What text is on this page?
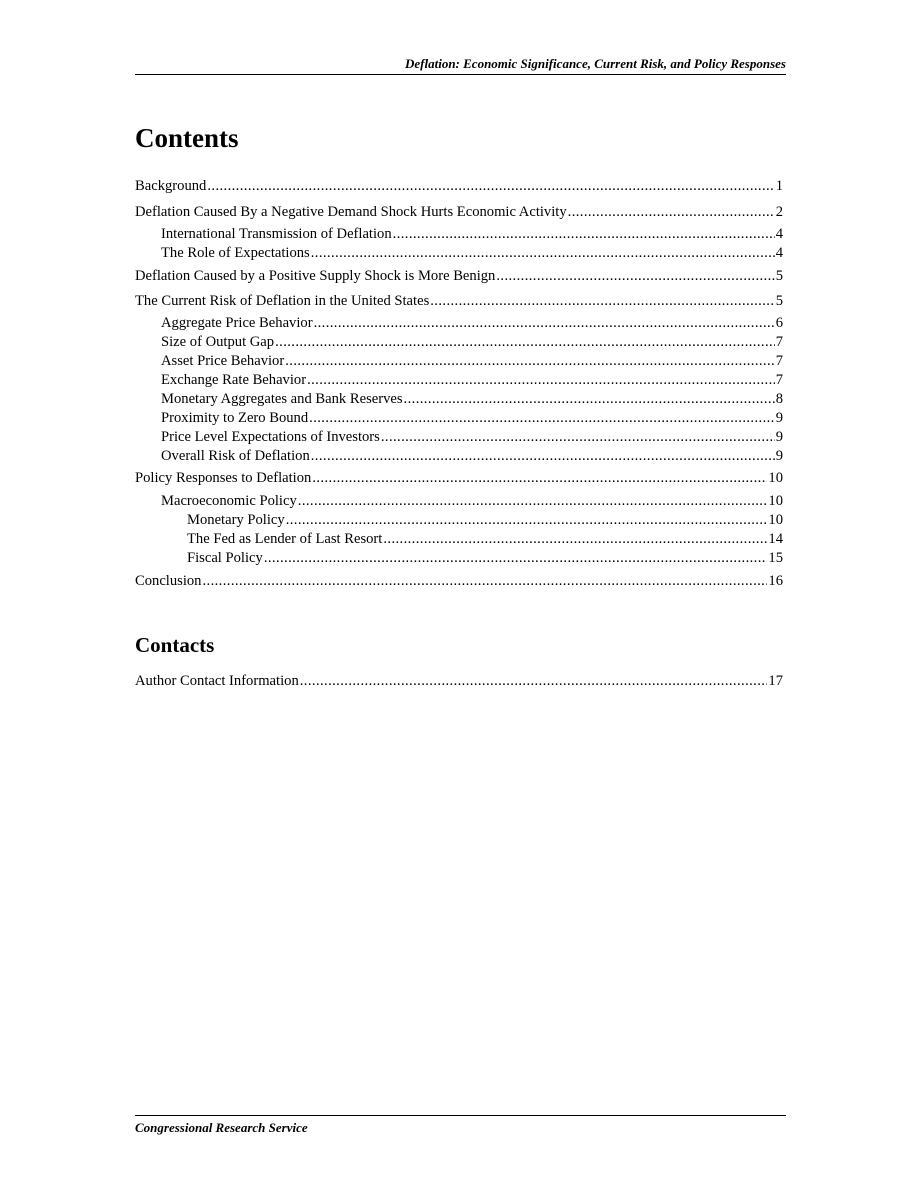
Deflation: Economic Significance, Current Risk, and Policy Responses
Contents
Background .....	1
Deflation Caused By a Negative Demand Shock Hurts Economic Activity .....	2
International Transmission of Deflation .....	4
The Role of Expectations .....	4
Deflation Caused by a Positive Supply Shock is More Benign .....	5
The Current Risk of Deflation in the United States .....	5
Aggregate Price Behavior .....	6
Size of Output Gap .....	7
Asset Price Behavior .....	7
Exchange Rate Behavior .....	7
Monetary Aggregates and Bank Reserves .....	8
Proximity to Zero Bound .....	9
Price Level Expectations of Investors .....	9
Overall Risk of Deflation .....	9
Policy Responses to Deflation .....	10
Macroeconomic Policy .....	10
Monetary Policy .....	10
The Fed as Lender of Last Resort .....	14
Fiscal Policy .....	15
Conclusion .....	16
Contacts
Author Contact Information .....	17
Congressional Research Service
